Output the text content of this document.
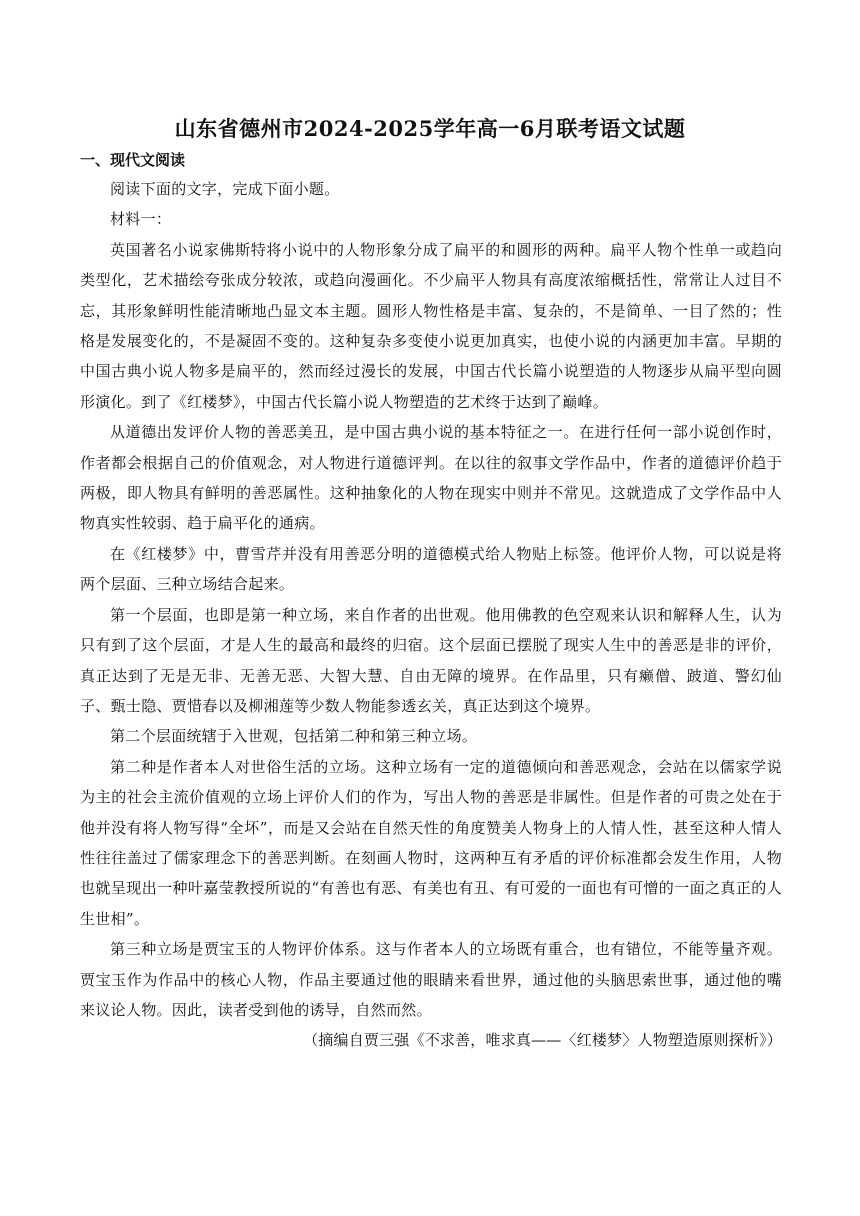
山东省德州市2024-2025学年高一6月联考语文试题
一、现代文阅读

阅读下面的文字，完成下面小题。

材料一：

英国著名小说家佛斯特将小说中的人物形象分成了扁平的和圆形的两种。扁平人物个性单一或趋向类型化，艺术描绘夸张成分较浓，或趋向漫画化。不少扁平人物具有高度浓缩概括性，常常让人过目不忘，其形象鲜明性能清晰地凸显文本主题。圆形人物性格是丰富、复杂的，不是简单、一目了然的；性格是发展变化的，不是凝固不变的。这种复杂多变使小说更加真实，也使小说的内涵更加丰富。早期的中国古典小说人物多是扁平的，然而经过漫长的发展，中国古代长篇小说塑造的人物逐步从扁平型向圆形演化。到了《红楼梦》，中国古代长篇小说人物塑造的艺术终于达到了巅峰。

从道德出发评价人物的善恶美丑，是中国古典小说的基本特征之一。在进行任何一部小说创作时，作者都会根据自己的价值观念，对人物进行道德评判。在以往的叙事文学作品中，作者的道德评价趋于两极，即人物具有鲜明的善恶属性。这种抽象化的人物在现实中则并不常见。这就造成了文学作品中人物真实性较弱、趋于扁平化的通病。

在《红楼梦》中，曹雪芹并没有用善恶分明的道德模式给人物贴上标签。他评价人物，可以说是将两个层面、三种立场结合起来。

第一个层面，也即是第一种立场，来自作者的出世观。他用佛教的色空观来认识和解释人生，认为只有到了这个层面，才是人生的最高和最终的归宿。这个层面已摆脱了现实人生中的善恶是非的评价，真正达到了无是无非、无善无恶、大智大慧、自由无障的境界。在作品里，只有癞僧、跛道、警幻仙子、甄士隐、贾惜春以及柳湘莲等少数人物能参透玄关，真正达到这个境界。

第二个层面统辖于入世观，包括第二种和第三种立场。

第二种是作者本人对世俗生活的立场。这种立场有一定的道德倾向和善恶观念，会站在以儒家学说为主的社会主流价值观的立场上评价人们的作为，写出人物的善恶是非属性。但是作者的可贵之处在于他并没有将人物写得“全坏”，而是又会站在自然天性的角度赞美人物身上的人情人性，甚至这种人情人性往往盖过了儒家理念下的善恶判断。在刻画人物时，这两种互有矛盾的评价标准都会发生作用，人物也就呈现出一种叶嘉莹教授所说的“有善也有恶、有美也有丑、有可爱的一面也有可憎的一面之真正的人生世相”。

第三种立场是贾宝玉的人物评价体系。这与作者本人的立场既有重合，也有错位，不能等量齐观。贾宝玉作为作品中的核心人物，作品主要通过他的眼睛来看世界，通过他的头脑思索世事，通过他的嘴来议论人物。因此，读者受到他的诱导，自然而然。

（摘编自贾三强《不求善，唯求真——〈红楼梦〉人物塑造原则探析》）
